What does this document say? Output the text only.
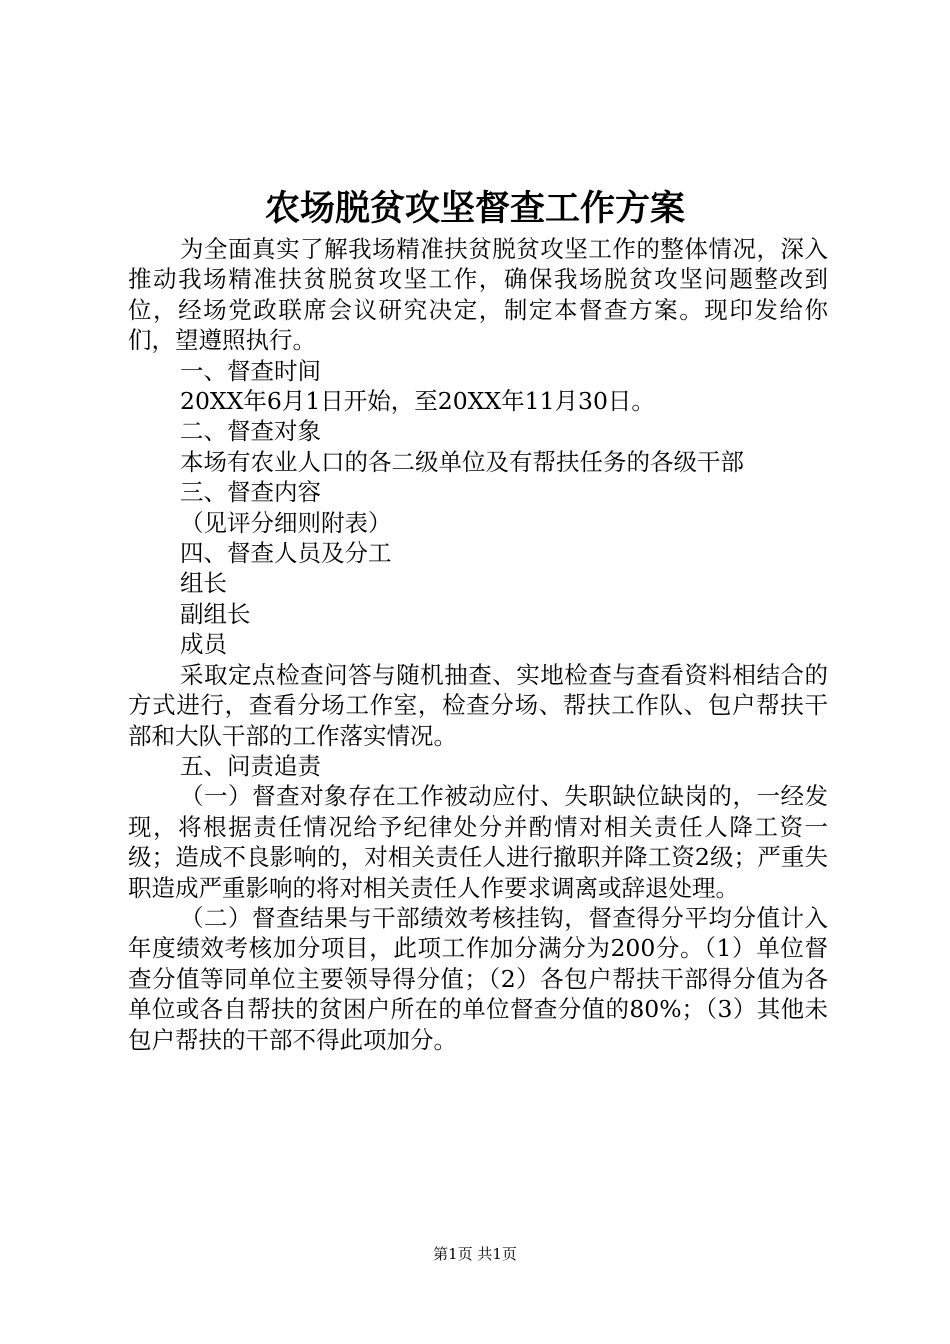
农场脱贫攻坚督查工作方案

为全面真实了解我场精准扶贫脱贫攻坚工作的整体情况，深入推动我场精准扶贫脱贫攻坚工作，确保我场脱贫攻坚问题整改到位，经场党政联席会议研究决定，制定本督查方案。现印发给你们，望遵照执行。

一、督查时间

20XX年6月1日开始，至20XX年11月30日。

二、督查对象

本场有农业人口的各二级单位及有帮扶任务的各级干部

三、督查内容

（见评分细则附表）

四、督查人员及分工

组长

副组长

成员

采取定点检查问答与随机抽查、实地检查与查看资料相结合的方式进行，查看分场工作室，检查分场、帮扶工作队、包户帮扶干部和大队干部的工作落实情况。

五、问责追责

（一）督查对象存在工作被动应付、失职缺位缺岗的，一经发现，将根据责任情况给予纪律处分并酌情对相关责任人降工资一级；造成不良影响的，对相关责任人进行撤职并降工资2级；严重失职造成严重影响的将对相关责任人作要求调离或辞退处理。

（二）督查结果与干部绩效考核挂钩，督查得分平均分值计入年度绩效考核加分项目，此项工作加分满分为200分。（1）单位督查分值等同单位主要领导得分值；（2）各包户帮扶干部得分值为各单位或各自帮扶的贫困户所在的单位督查分值的80%；（3）其他未包户帮扶的干部不得此项加分。

第1页 共1页
